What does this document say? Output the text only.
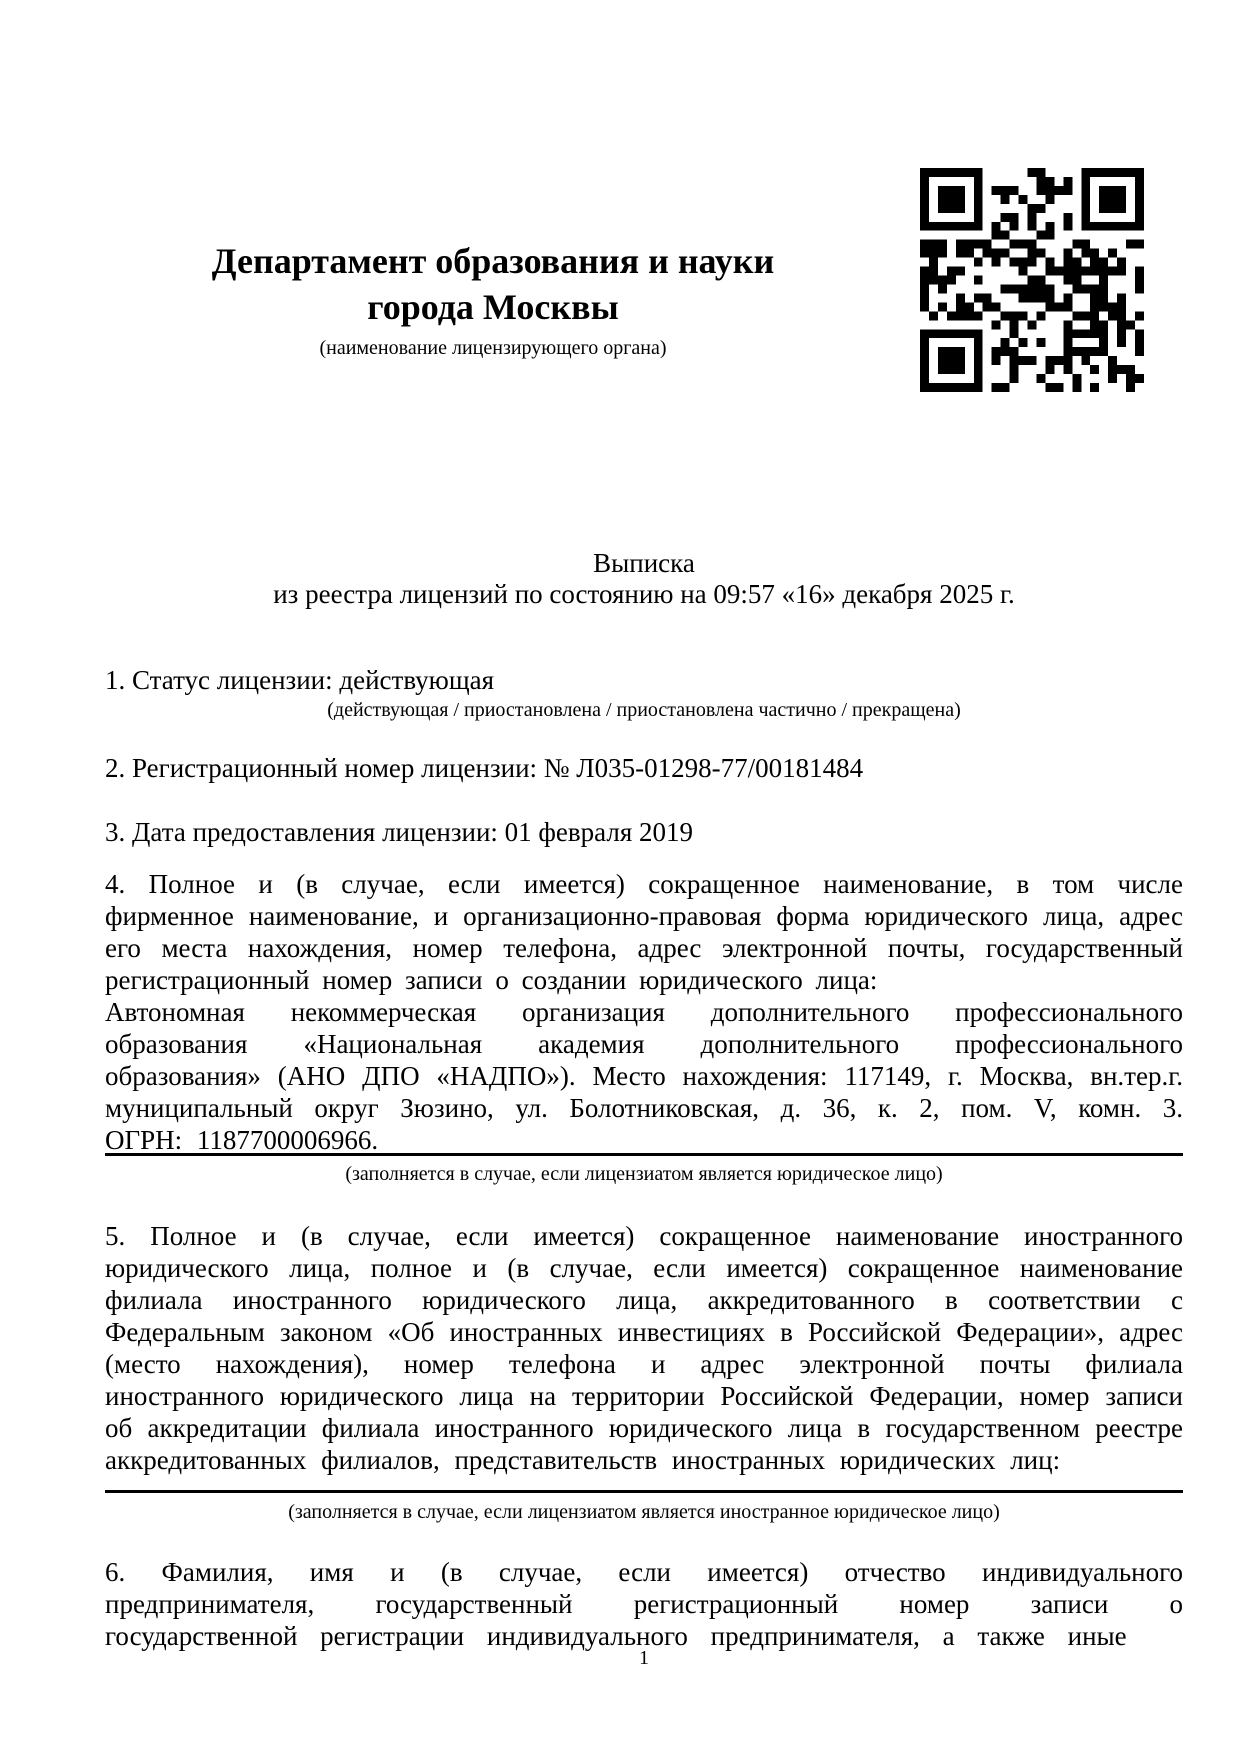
Департамент образования и науки
города Москвы
(наименование лицензирующего органа)
Выписка
из реестра лицензий по состоянию на 09:57 «16» декабря 2025 г.
1. Статус лицензии: действующая
(действующая / приостановлена / приостановлена частично / прекращена)
2. Регистрационный номер лицензии: № Л035-01298-77/00181484
3. Дата предоставления лицензии: 01 февраля 2019

4. Полное и (в случае, если имеется) сокращенное наименование, в том числе фирменное наименование, и организационно-правовая форма юридического лица, адрес его места нахождения, номер телефона, адрес электронной почты, государственный регистрационный номер записи о создании юридического лица:

Автономная некоммерческая организация дополнительного профессионального образования «Национальная академия дополнительного профессионального образования» (АНО ДПО «НАДПО»). Место нахождения: 117149, г. Москва, вн.тер.г. муниципальный округ Зюзино, ул. Болотниковская, д. 36, к. 2, пом. V, комн. 3. ОГРН: 1187700006966.

(заполняется в случае, если лицензиатом является юридическое лицо)

5. Полное и (в случае, если имеется) сокращенное наименование иностранного юридического лица, полное и (в случае, если имеется) сокращенное наименование филиала иностранного юридического лица, аккредитованного в соответствии с Федеральным законом «Об иностранных инвестициях в Российской Федерации», адрес (место нахождения), номер телефона и адрес электронной почты филиала иностранного юридического лица на территории Российской Федерации, номер записи об аккредитации филиала иностранного юридического лица в государственном реестре аккредитованных филиалов, представительств иностранных юридических лиц:

(заполняется в случае, если лицензиатом является иностранное юридическое лицо)

6. Фамилия, имя и (в случае, если имеется) отчество индивидуального предпринимателя, государственный регистрационный номер записи о государственной регистрации индивидуального предпринимателя, а также иные

1
